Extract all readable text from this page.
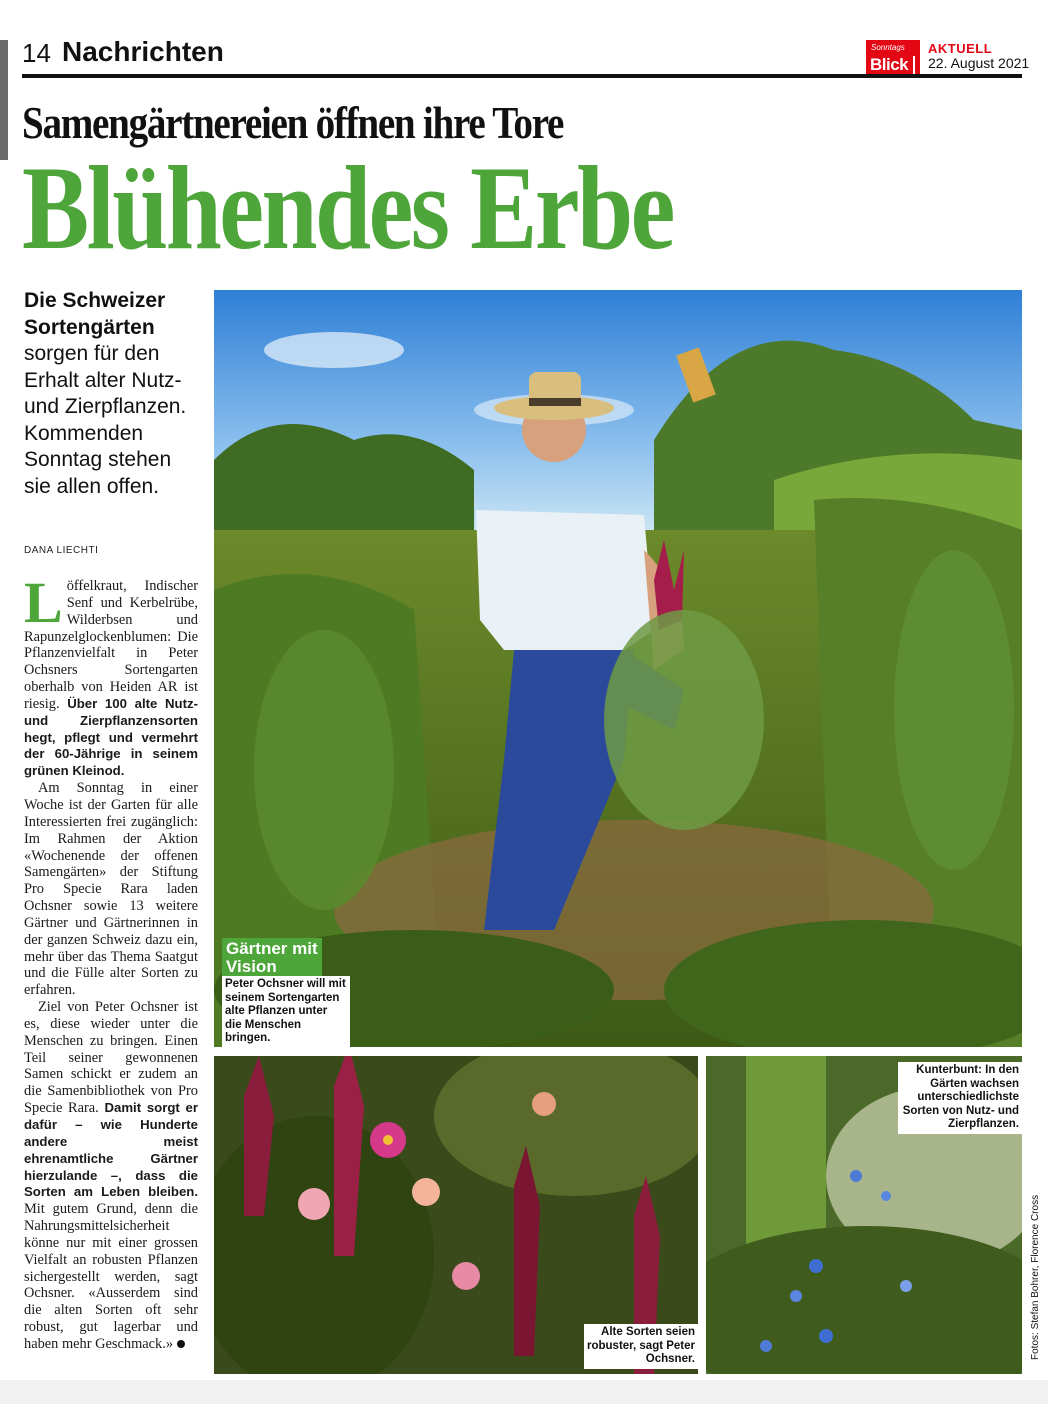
14 Nachrichten	Sonntags
Blick
AKTUELL
22. August 2021
Samengärtnereien öffnen ihre Tore
Blühendes Erbe
Die Schweizer Sortengärten sorgen für den Erhalt alter Nutz- und Zierpflanzen. Kommenden Sonntag stehen sie allen offen.
DANA LIECHTI

Löffelkraut, Indischer Senf und Kerbelrübe, Wilderbsen und Rapunzelglockenblumen: Die Pflanzenvielfalt in Peter Ochsners Sortengarten oberhalb von Heiden AR ist riesig. Über 100 alte Nutz- und Zierpflanzensorten hegt, pflegt und vermehrt der 60-Jährige in seinem grünen Kleinod.

Am Sonntag in einer Woche ist der Garten für alle Interessierten frei zugänglich: Im Rahmen der Aktion «Wochenende der offenen Samengärten» der Stiftung Pro Specie Rara laden Ochsner sowie 13 weitere Gärtner und Gärtnerinnen in der ganzen Schweiz dazu ein, mehr über das Thema Saatgut und die Fülle alter Sorten zu erfahren.

Ziel von Peter Ochsner ist es, diese wieder unter die Menschen zu bringen. Einen Teil seiner gewonnenen Samen schickt er zudem an die Samenbibliothek von Pro Specie Rara. Damit sorgt er dafür – wie Hunderte andere meist ehrenamtliche Gärtner hierzulande –, dass die Sorten am Leben bleiben. Mit gutem Grund, denn die Nahrungsmittelsicherheit könne nur mit einer grossen Vielfalt an robusten Pflanzen sichergestellt werden, sagt Ochsner. «Ausserdem sind die alten Sorten oft sehr robust, gut lagerbar und haben mehr Geschmack.»	Fotos: Stefan Bohrer, Florence Cross
Gärtner mit Vision
Peter Ochsner will mit seinem Sortengarten alte Pflanzen unter die Menschen bringen.
Alte Sorten seien robuster, sagt Peter Ochsner.
Kunterbunt: In den Gärten wachsen unterschiedlichste Sorten von Nutz- und Zierpflanzen.
